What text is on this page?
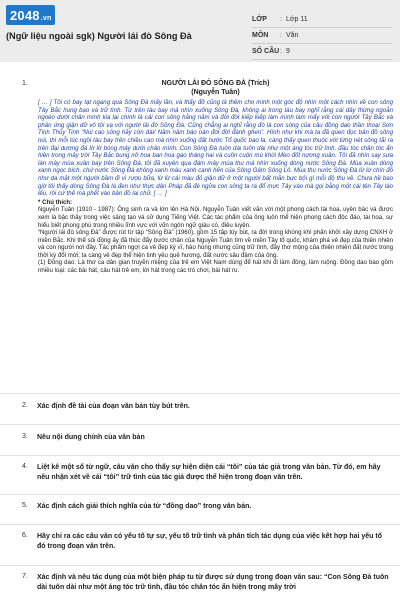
2048 .vn
(Ngữ liệu ngoài sgk) Người lái đò Sông Đà
LỚP	: Lớp 11
MÔN	: Văn
SỐ CÂU : 9
1.	NGƯỜI LÁI ĐÒ SÔNG ĐÀ (Trích)
(Nguyễn Tuân)

[ … ] Tôi có bay tạt ngang qua Sông Đà mấy lần, và thấy đỡ cũng là thêm cho mình một góc độ nhìn một cách nhìn về con sông Tây Bắc hung bạo và trữ tình. Từ trên tàu bay mà nhìn xuống Sông Đà, không ai trong tàu bay nghĩ rằng cái dây thừng ngoằn ngoèo dưới chân mình kia lại chính là cái con sông hằng năm và đời đời kiếp kiếp làm mình làm mẩy với con người Tây Bắc và phản ứng giận dữ vô tội vạ với người lái đò Sông Đà. Cũng chẳng ai nghĩ rằng đó là con sông của câu đồng dao thần thoại Sơn Tinh Thủy Tinh “Núi cao sông hãy còn dài/ Năm năm báo oán đời đời đánh ghen”. Hình như khi mà ta đã quen đọc bản đồ sông núi, thì mỗi lúc ngồi tàu bay trên chiều cao mà nhìn xuống đất nước Tổ quốc bao la, càng thấy quen thuộc với từng nét sông tãi ra trên đại dương đá lờ lờ bóng mây dưới chân mình. Con Sông Đà tuôn dài tuôn dài như một áng tóc trữ tình, đầu tóc chân tóc ẩn hiện trong mây trời Tây Bắc bung nở hoa ban hoa gạo tháng hai và cuồn cuộn mù khói Mèo đốt nương xuân. Tôi đã nhìn say sưa làn mây mùa xuân bay trên Sông Đà, tôi đã xuyên qua đám mây mùa thu mà nhìn xuống dòng nước Sông Đà. Mùa xuân dòng xanh ngọc bích, chứ nước Sông Đà không xanh màu xanh canh hến của Sông Gâm Sông Lô. Mùa thu nước Sông Đà lừ lừ chín đỏ như da mặt một người bầm đi vì rượu bữa, lừ lừ cái màu đỏ giận dữ ở một người bất mãn bực bội gì mỗi độ thu về. Chưa hề bao giờ tôi thấy dòng Sông Đà là đen như thực dân Pháp đã đè ngửa con sông ta ra đổ mực Tây vào mà gọi bằng một cái tên Tây láo lếu, rồi cứ thế mà phết vào bản đồ lai chữ. [ … ]

* Chú thích:

Nguyễn Tuân (1910 - 1987): Ông sinh ra và lớn lên Hà Nội. Nguyễn Tuân viết văn với một phong cách tài hoa, uyên bác và được xem là bậc thầy trong việc sáng tạo và sử dụng Tiếng Việt. Các tác phẩm của ông luôn thể hiện phong cách độc đáo, tài hoa, sự hiểu biết phong phú trong nhiều lĩnh vực với vốn ngôn ngữ giàu có, điêu luyện.

“Người lái đò sông Đà” được rút từ tập “Sông Đà” (1960), gồm 15 tập tùy bút, ra đời trong khóng khí phấn khởi xây dựng CNXH ở miền Bắc. Khi thể sôi động ấy đã thúc đẩy bước chân của Nguyễn Tuân tìm về miền Tây tổ quốc, khám phá vẻ đẹp của thiên nhiên và con người nơi đây. Tác phẩm ngợi ca vẻ đẹp kỳ vĩ, hào hùng nhưng cũng trữ tình, đầy thơ mộng của thiên nhiên đất nước trong thời kỳ đổi mới; ta càng vẻ đẹp thể hiện tinh yêu quê hương, đất nước sâu đậm của ông.

(1) Đồng dao: Là thơ ca dân gian truyền miệng của trẻ em Việt Nam dùng để hát khi đi làm đồng, làm ruộng. Đồng dao bao gồm nhiều loại: các bài hát, câu hát trẻ em, lời hát trong các trò chơi, bài hát ru.

2. Xác định đề tài của đoạn văn bản tùy bút trên.
3. Nêu nội dung chính của văn bản
4. Liệt kê một số từ ngữ, câu văn cho thấy sự hiện diện cái “tôi” của tác giả trong văn bản. Từ đó, em hãy nêu nhận xét về cái “tôi” trữ tình của tác giả được thể hiện trong đoạn văn trên.
5. Xác định cách giải thích nghĩa của từ “đồng dao” trong văn bản.
6. Hãy chỉ ra các câu văn có yếu tố tự sự, yếu tố trữ tình và phân tích tác dụng của việc kết hợp hai yếu tố đó trong đoạn văn trên.
7. Xác định và nêu tác dụng của một biện pháp tu từ được sử dụng trong đoạn văn sau: “Con Sông Đà tuôn dài tuôn dài như một áng tóc trữ tình, đầu tóc chân tóc ẩn hiện trong mây trời
